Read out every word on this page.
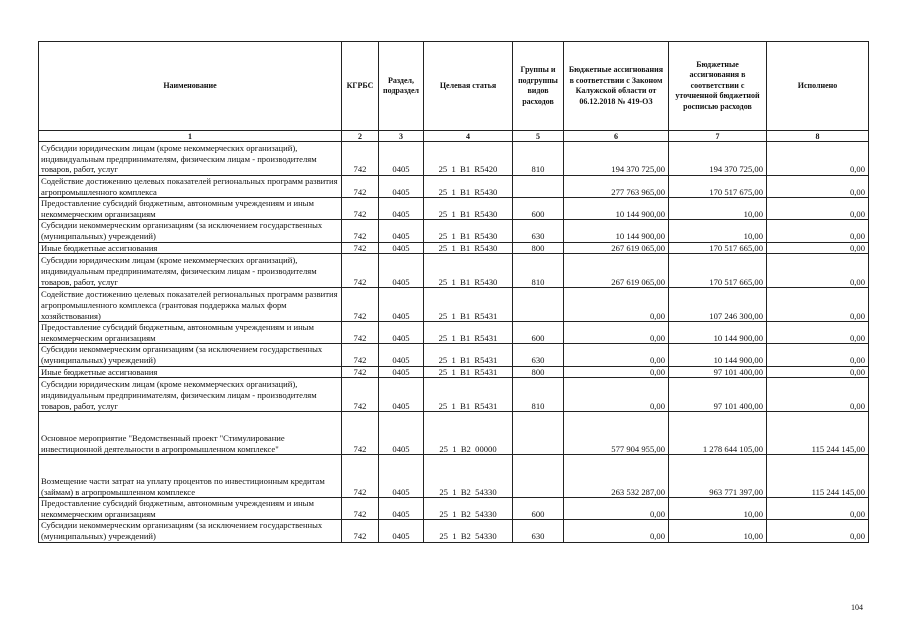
Наименование	КГРБС	Раздел, подраздел	Целевая статья	Группы и подгруппы видов расходов	Бюджетные ассигнования в соответствии с Законом Калужской области от 06.12.2018 № 419-ОЗ	Бюджетные ассигнования в соответствии с уточненной бюджетной росписью расходов	Исполнено
1	2	3	4	5	6	7	8
Субсидии юридическим лицам (кроме некоммерческих организаций), индивидуальным предпринимателям, физическим лицам - производителям товаров, работ, услуг	742	0405	25  1  B1  R5420	810	194 370 725,00	194 370 725,00	0,00
Содействие достижению целевых показателей региональных программ развития агропромышленного комплекса	742	0405	25  1  B1  R5430		277 763 965,00	170 517 675,00	0,00
Предоставление субсидий бюджетным, автономным учреждениям и иным некоммерческим организациям	742	0405	25  1  B1  R5430	600	10 144 900,00	10,00	0,00
Субсидии некоммерческим организациям (за исключением государственных (муниципальных) учреждений)	742	0405	25  1  B1  R5430	630	10 144 900,00	10,00	0,00
Иные бюджетные ассигнования	742	0405	25  1  B1  R5430	800	267 619 065,00	170 517 665,00	0,00
Субсидии юридическим лицам (кроме некоммерческих организаций), индивидуальным предпринимателям, физическим лицам - производителям товаров, работ, услуг	742	0405	25  1  B1  R5430	810	267 619 065,00	170 517 665,00	0,00
Содействие достижению целевых показателей региональных программ развития агропромышленного комплекса (грантовая поддержка малых форм хозяйствования)	742	0405	25  1  B1  R5431		0,00	107 246 300,00	0,00
Предоставление субсидий бюджетным, автономным учреждениям и иным некоммерческим организациям	742	0405	25  1  B1  R5431	600	0,00	10 144 900,00	0,00
Субсидии некоммерческим организациям (за исключением государственных (муниципальных) учреждений)	742	0405	25  1  B1  R5431	630	0,00	10 144 900,00	0,00
Иные бюджетные ассигнования	742	0405	25  1  B1  R5431	800	0,00	97 101 400,00	0,00
Субсидии юридическим лицам (кроме некоммерческих организаций), индивидуальным предпринимателям, физическим лицам - производителям товаров, работ, услуг	742	0405	25  1  B1  R5431	810	0,00	97 101 400,00	0,00
Основное мероприятие "Ведомственный проект "Стимулирование инвестиционной деятельности в агропромышленном комплексе"	742	0405	25  1  B2  00000		577 904 955,00	1 278 644 105,00	115 244 145,00
Возмещение части затрат на уплату процентов по инвестиционным кредитам (займам) в агропромышленном комплексе	742	0405	25  1  B2  54330		263 532 287,00	963 771 397,00	115 244 145,00
Предоставление субсидий бюджетным, автономным учреждениям и иным некоммерческим организациям	742	0405	25  1  B2  54330	600	0,00	10,00	0,00
Субсидии некоммерческим организациям (за исключением государственных (муниципальных) учреждений)	742	0405	25  1  B2  54330	630	0,00	10,00	0,00
104
